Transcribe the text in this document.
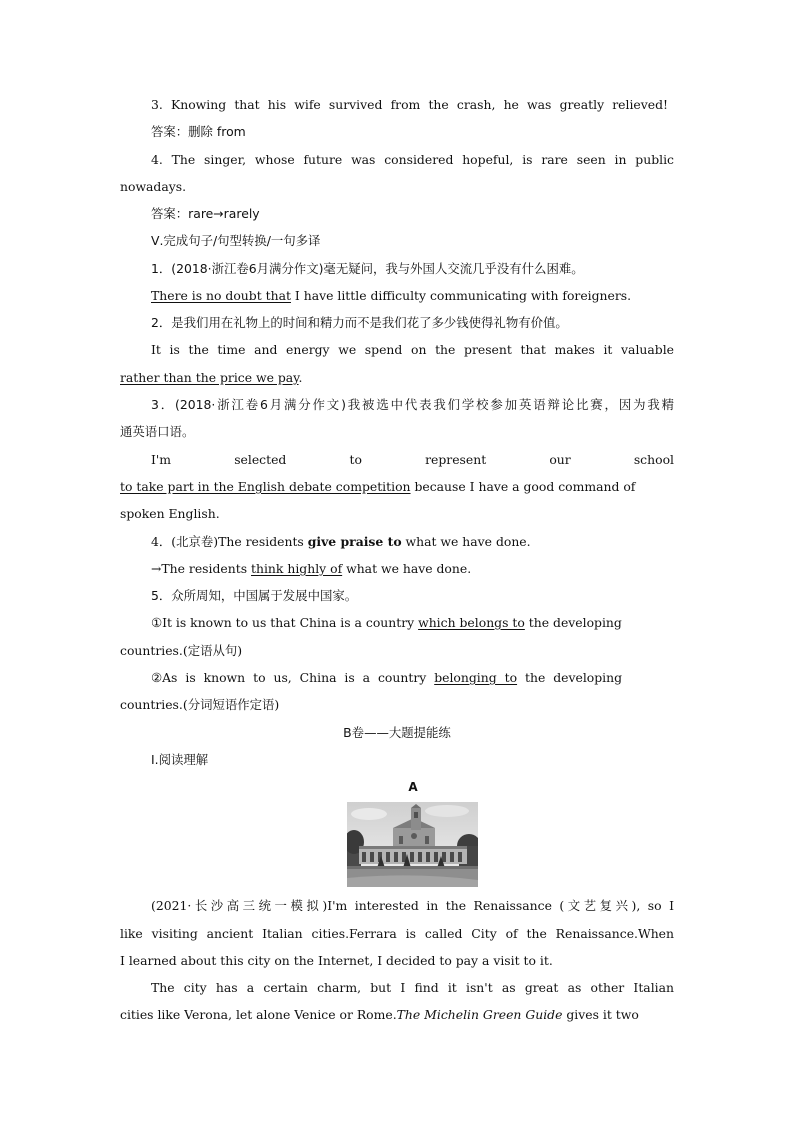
3. Knowing that his wife survived from the crash, he was greatly relieved!
答案：删除 from
4. The singer, whose future was considered hopeful, is rare seen in public
nowadays.
答案：rare→rarely
Ⅴ.完成句子/句型转换/一句多译
1．(2018·浙江卷6月满分作文)毫无疑问，我与外国人交流几乎没有什么困难。
There is no doubt that I have little difficulty communicating with foreigners.
2．是我们用在礼物上的时间和精力而不是我们花了多少钱使得礼物有价值。
It is the time and energy we spend on the present that makes it valuable
rather than the price we pay.
3．(2018·浙江卷6月满分作文)我被选中代表我们学校参加英语辩论比赛，因为我精
通英语口语。
I'm selected to represent our school
to take part in the English debate competition because I have a good command of
spoken English.
4．(北京卷)The residents give praise to what we have done.
→The residents think highly of what we have done.
5．众所周知，中国属于发展中国家。
①It is known to us that China is a country which belongs to the developing
countries.(定语从句)
②As is known to us, China is a country belonging to the developing
countries.(分词短语作定语)
B卷——大题提能练
Ⅰ.阅读理解
A
(2021·长沙高三统一模拟)I'm interested in the Renaissance (文艺复兴), so I
like visiting ancient Italian cities.Ferrara is called City of the Renaissance.When
I learned about this city on the Internet, I decided to pay a visit to it.
The city has a certain charm, but I find it isn't as great as other Italian
cities like Verona, let alone Venice or Rome.The Michelin Green Guide gives it two
